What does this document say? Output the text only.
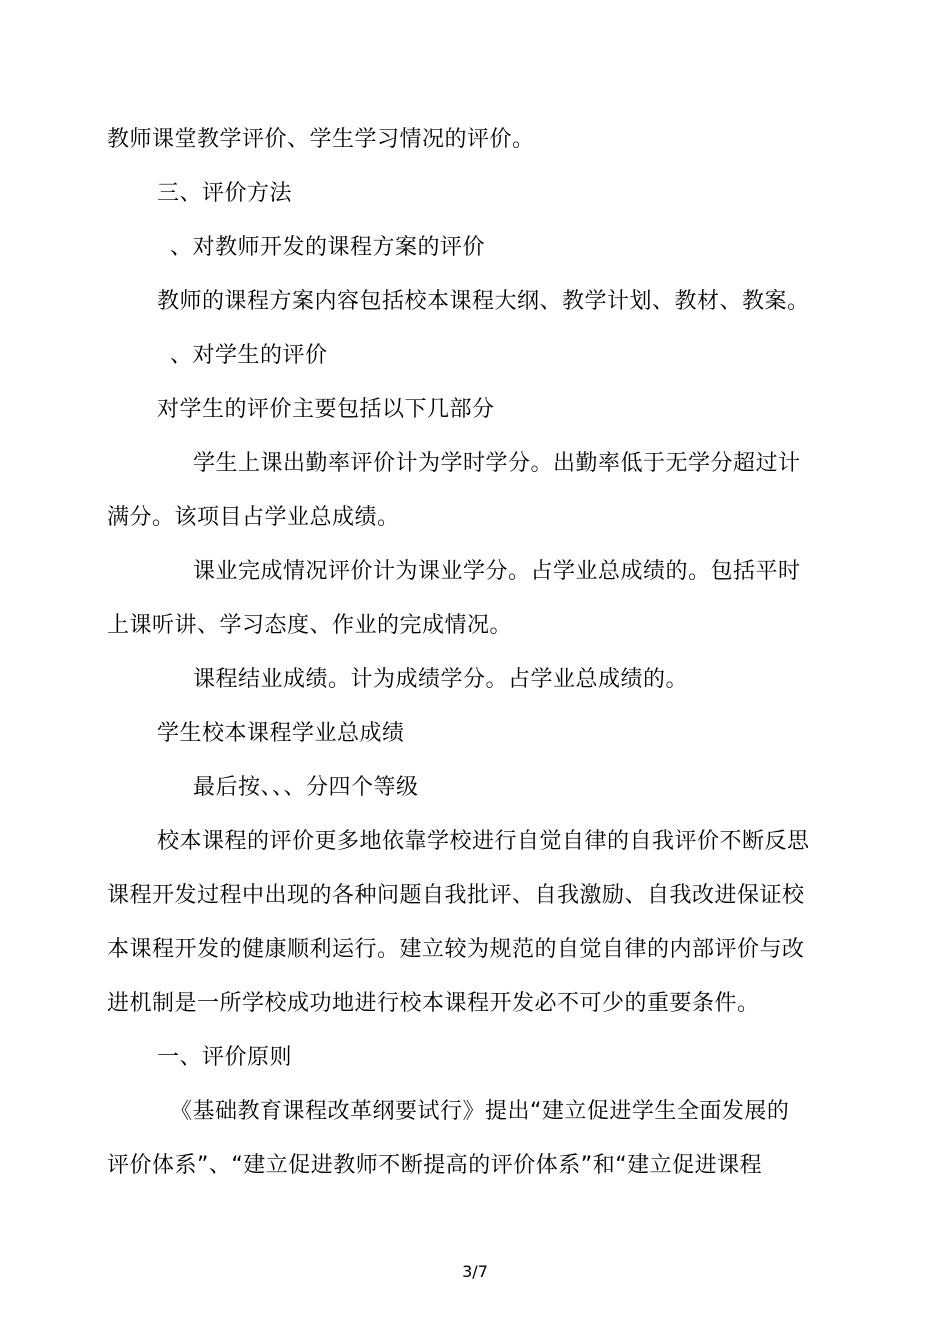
教师课堂教学评价、学生学习情况的评价。
三、评价方法
、对教师开发的课程方案的评价
教师的课程方案内容包括校本课程大纲、教学计划、教材、教案。
、对学生的评价
对学生的评价主要包括以下几部分
学生上课出勤率评价计为学时学分。出勤率低于无学分超过计
满分。该项目占学业总成绩。
课业完成情况评价计为课业学分。占学业总成绩的。包括平时
上课听讲、学习态度、作业的完成情况。
课程结业成绩。计为成绩学分。占学业总成绩的。
学生校本课程学业总成绩
最后按、、、分四个等级
校本课程的评价更多地依靠学校进行自觉自律的自我评价不断反思
课程开发过程中出现的各种问题自我批评、自我激励、自我改进保证校
本课程开发的健康顺利运行。建立较为规范的自觉自律的内部评价与改
进机制是一所学校成功地进行校本课程开发必不可少的重要条件。
一、评价原则
《基础教育课程改革纲要试行》提出“建立促进学生全面发展的
评价体系”、“建立促进教师不断提高的评价体系”和“建立促进课程
3/7
